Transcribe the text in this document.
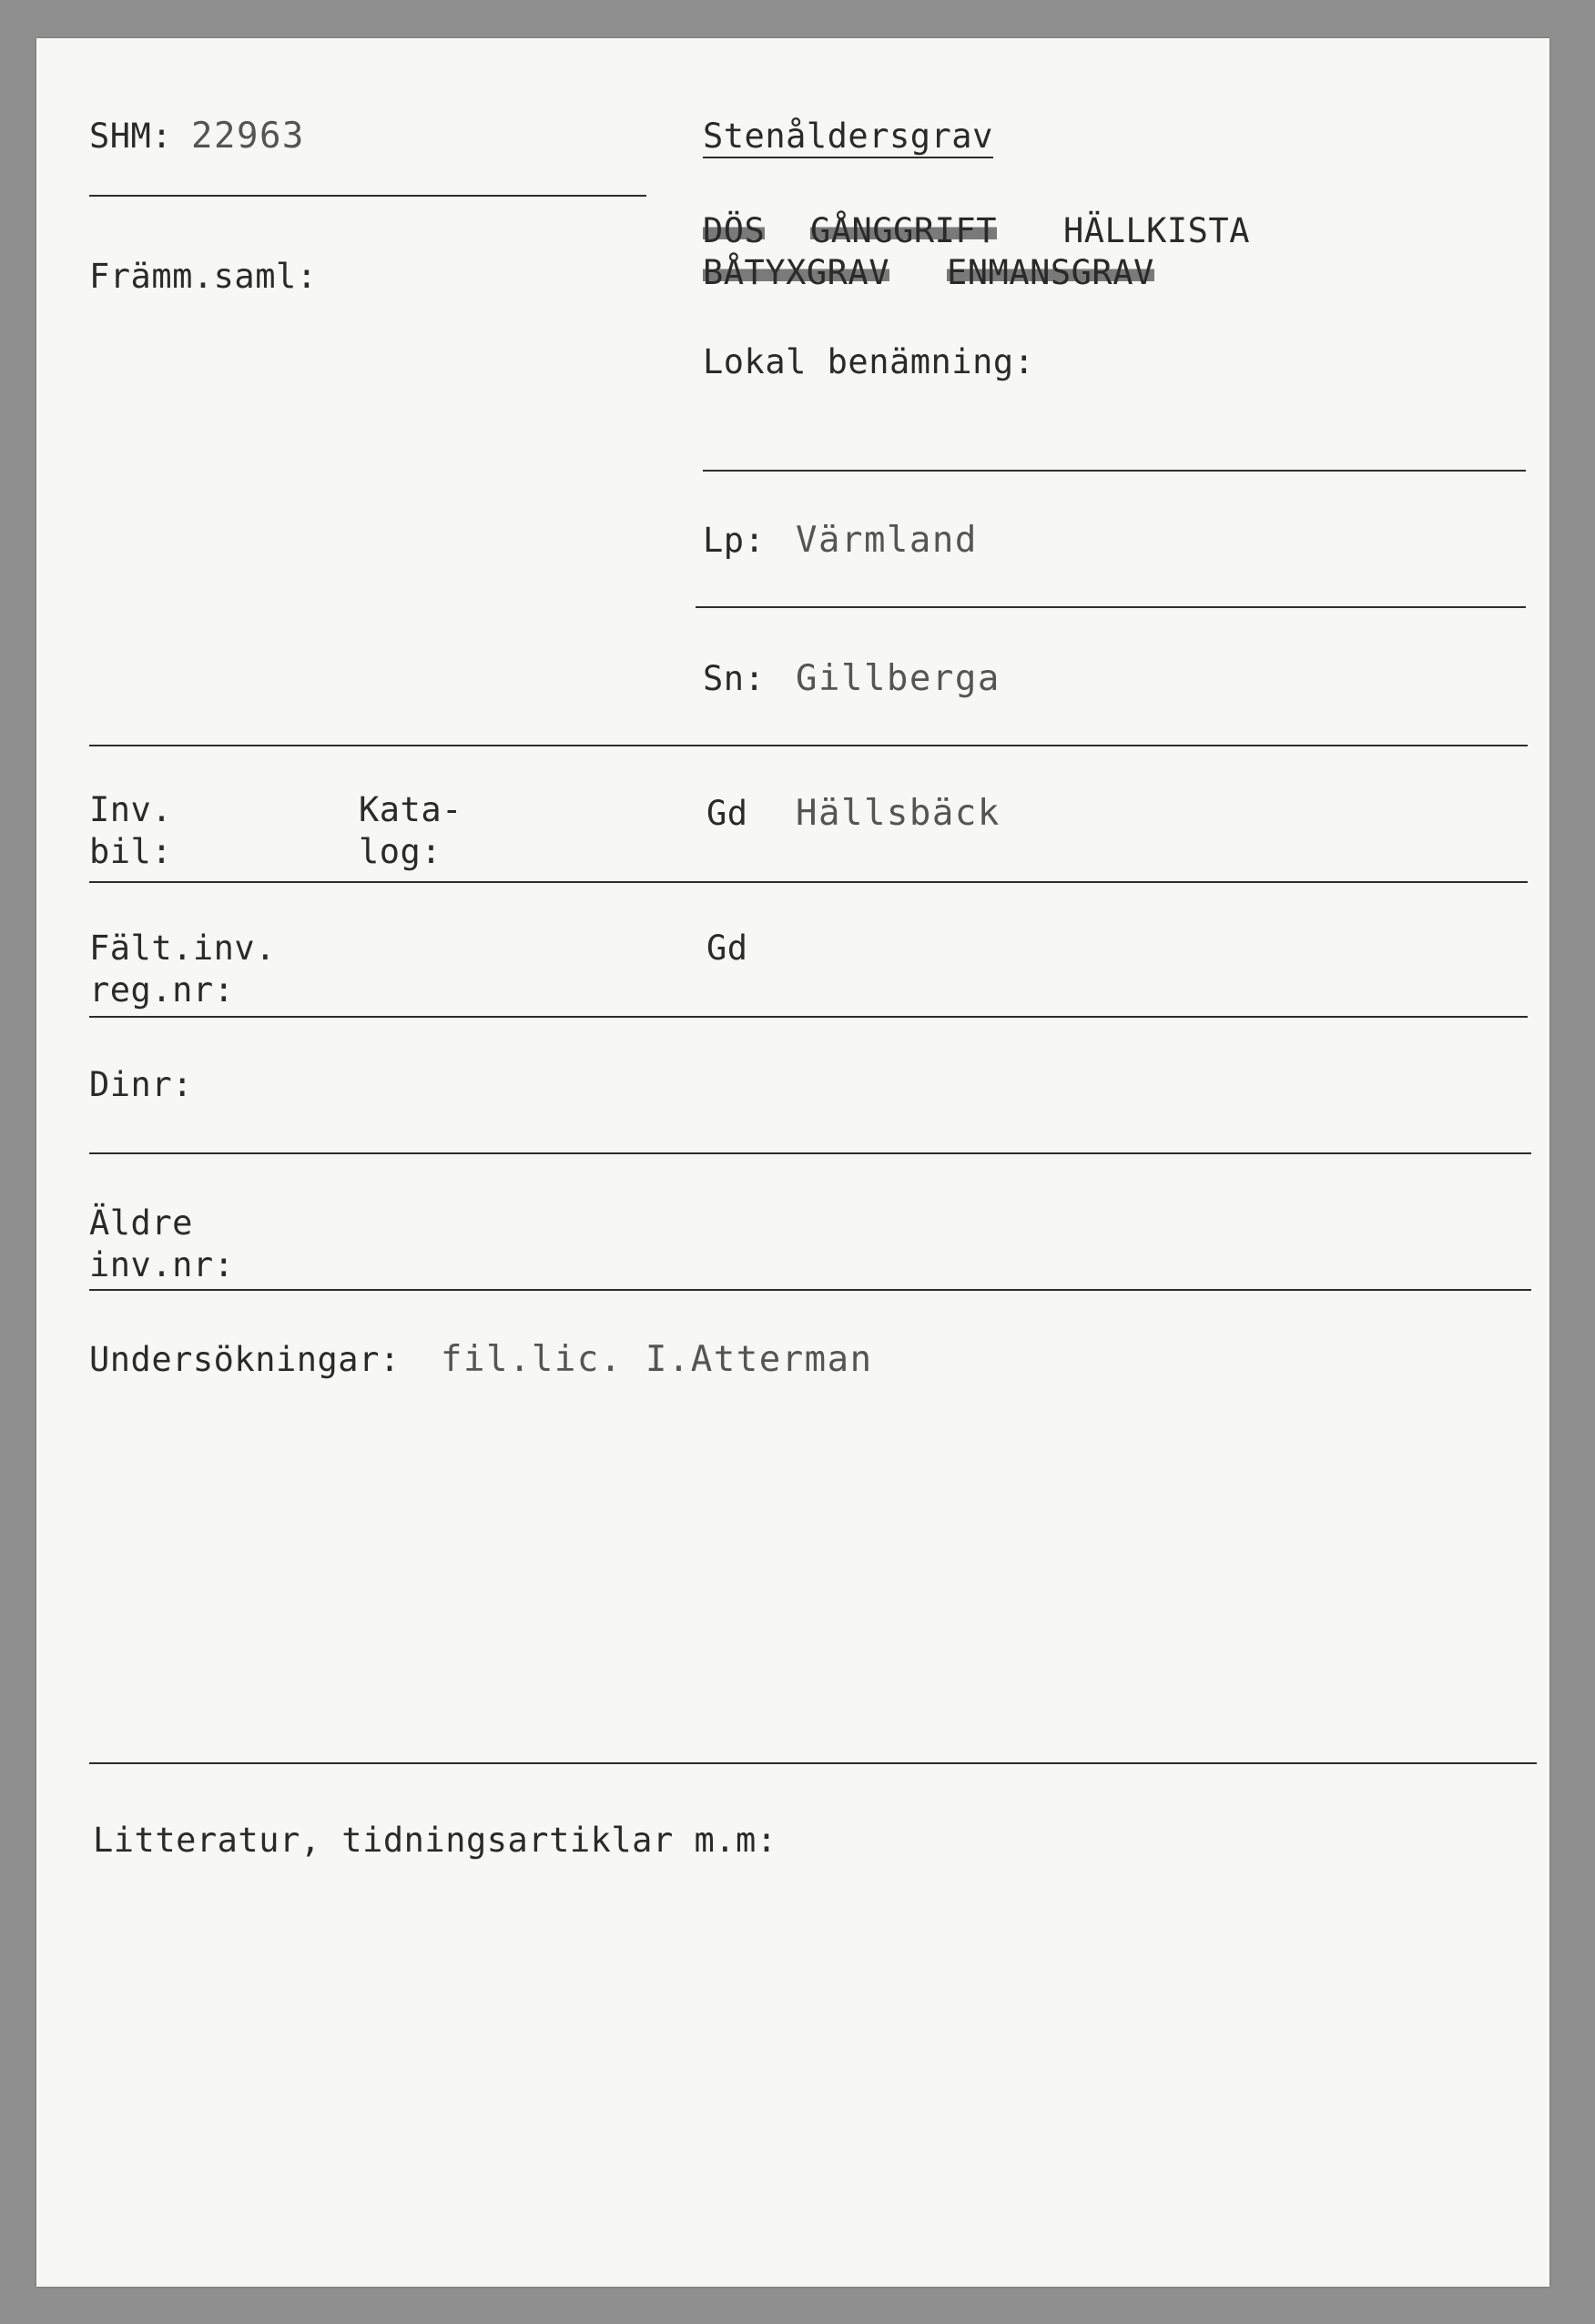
SHM: 22963	Stenåldersgrav
DÖS GÅNGGRIFT HÄLLKISTA
BÅTYXGRAV ENMANSGRAV
Främm.saml:
Lokal benämning:
Lp: Värmland
Sn: Gillberga
Inv.
bil:
Kata-
log:
Gd Hällsbäck
Fält.inv.
reg.nr:
Gd
Dinr:
Äldre
inv.nr:
Undersökningar: fil.lic. I.Atterman
Litteratur, tidningsartiklar m.m:
